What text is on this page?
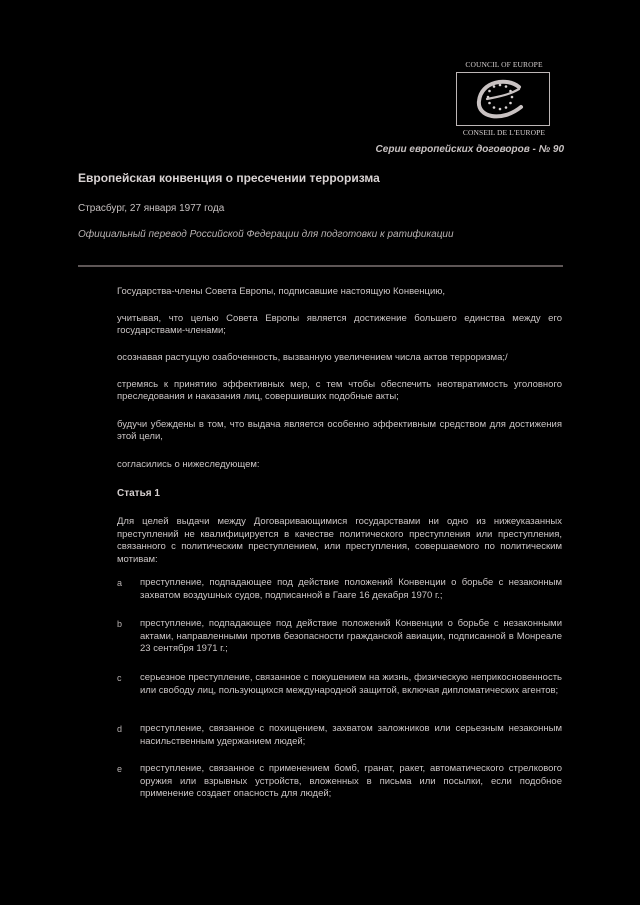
COUNCIL OF EUROPE
CONSEIL DE L'EUROPE
Серии европейских договоров - № 90
Европейская конвенция о пресечении терроризма
Страсбург, 27 января 1977 года
Официальный перевод Российской Федерации для подготовки к ратификации
Государства-члены Совета Европы, подписавшие настоящую Конвенцию,
учитывая, что целью Совета Европы является достижение большего единства между его государствами-членами;
осознавая растущую озабоченность, вызванную увеличением числа актов терроризма;/
стремясь к принятию эффективных мер, с тем чтобы обеспечить неотвратимость уголовного преследования и наказания лиц, совершивших подобные акты;
будучи убеждены в том, что выдача является особенно эффективным средством для достижения этой цели,
согласились о нижеследующем:
Статья 1
Для целей выдачи между Договаривающимися государствами ни одно из нижеуказанных преступлений не квалифицируется в качестве политического преступления или преступления, связанного с политическим преступлением, или преступления, совершаемого по политическим мотивам:
a	преступление, подпадающее под действие положений Конвенции о борьбе с незаконным захватом воздушных судов, подписанной в Гааге 16 декабря 1970 г.;
b	преступление, подпадающее под действие положений Конвенции о борьбе с незаконными актами, направленными против безопасности гражданской авиации, подписанной в Монреале 23 сентября 1971 г.;
c	серьезное преступление, связанное с покушением на жизнь, физическую неприкосновенность или свободу лиц, пользующихся международной защитой, включая дипломатических агентов;
d	преступление, связанное с похищением, захватом заложников или серьезным незаконным насильственным удержанием людей;
e	преступление, связанное с применением бомб, гранат, ракет, автоматического стрелкового оружия или взрывных устройств, вложенных в письма или посылки, если подобное применение создает опасность для людей;
